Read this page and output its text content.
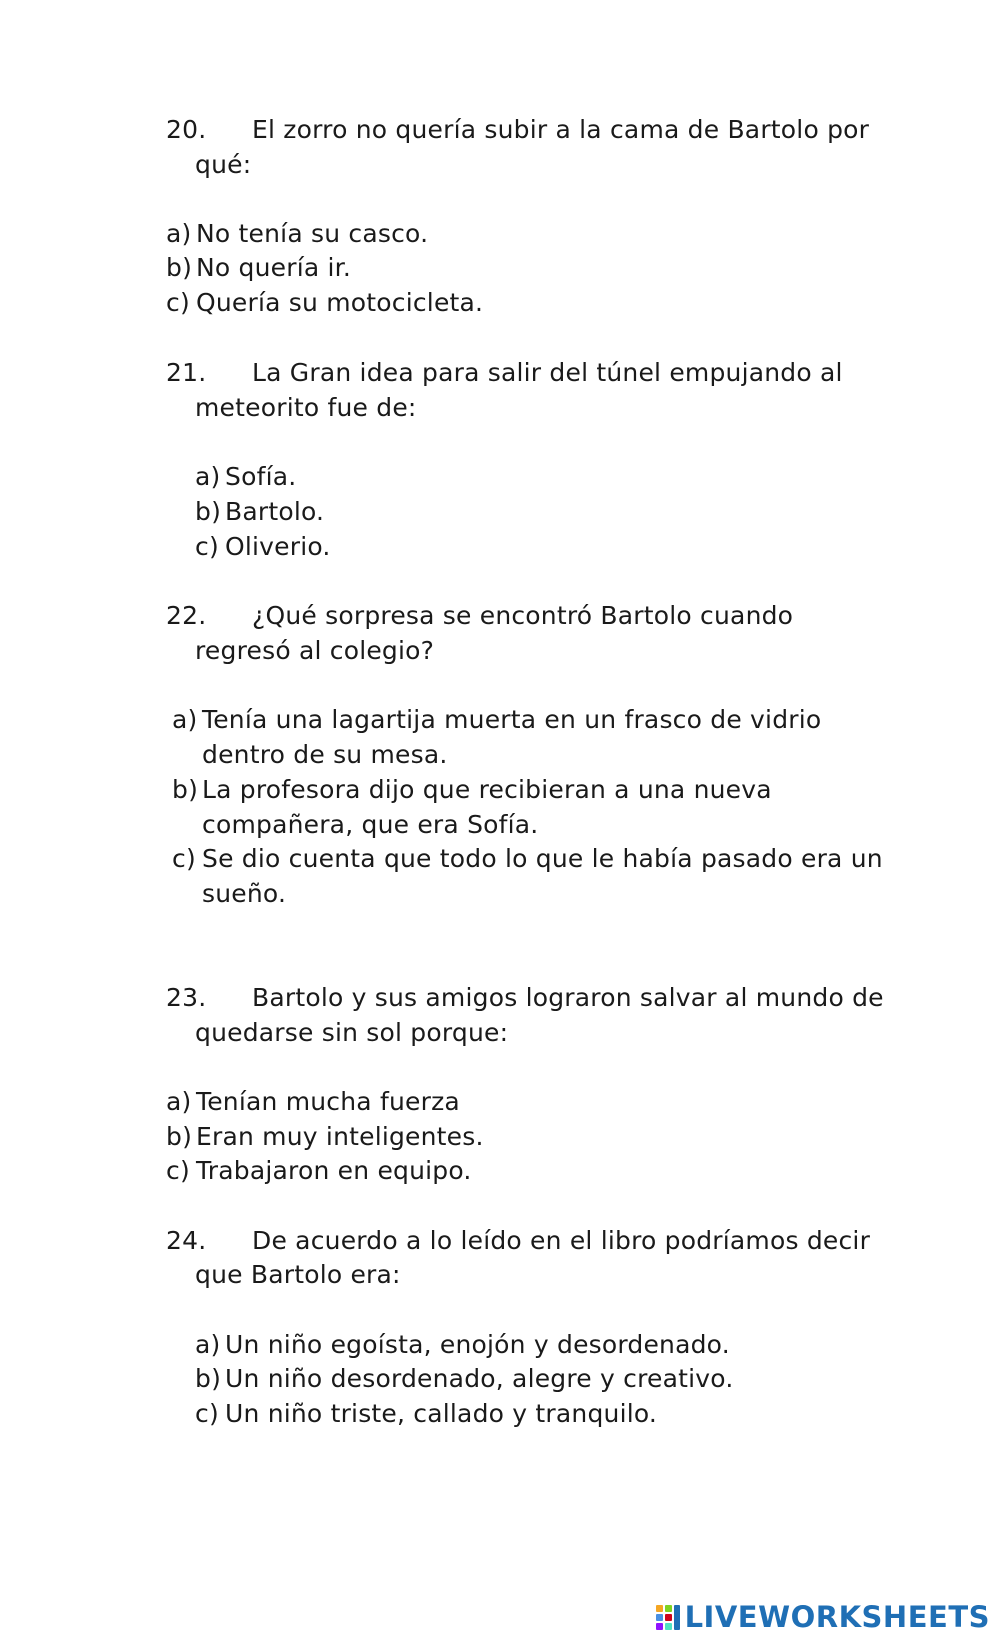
20. El zorro no quería subir a la cama de Bartolo por
qué:
a) No tenía su casco.
b) No quería ir.
c) Quería su motocicleta.
21. La Gran idea para salir del túnel empujando al
meteorito fue de:
a) Sofía.
b) Bartolo.
c) Oliverio.
22. ¿Qué sorpresa se encontró Bartolo cuando
regresó al colegio?
a) Tenía una lagartija muerta en un frasco de vidrio
dentro de su mesa.
b) La profesora dijo que recibieran a una nueva
compañera, que era Sofía.
c) Se dio cuenta que todo lo que le había pasado era un
sueño.
23. Bartolo y sus amigos lograron salvar al mundo de
quedarse sin sol porque:
a) Tenían mucha fuerza
b) Eran muy inteligentes.
c) Trabajaron en equipo.
24. De acuerdo a lo leído en el libro podríamos decir
que Bartolo era:
a) Un niño egoísta, enojón y desordenado.
b) Un niño desordenado, alegre y creativo.
c) Un niño triste, callado y tranquilo.
LIVEWORKSHEETS
